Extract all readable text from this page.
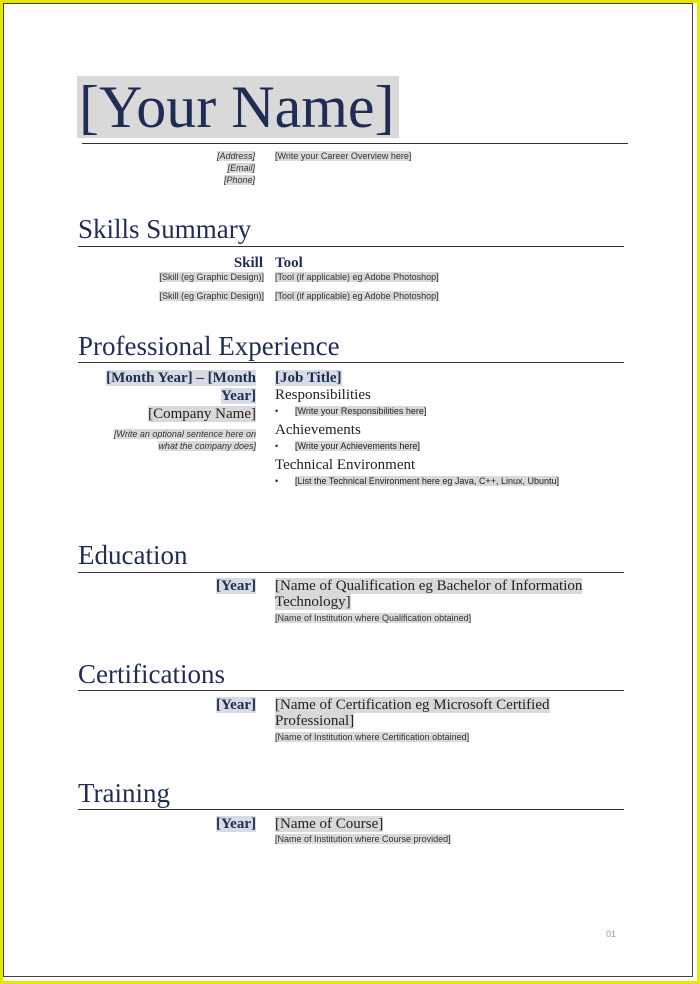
[Your Name]
[Address]
[Email]
[Phone]
[Write your Career Overview here]
Skills Summary
Skill Tool
[Skill (eg Graphic Design)] [Tool (if applicable) eg Adobe Photoshop]
[Skill (eg Graphic Design)] [Tool (if applicable) eg Adobe Photoshop]
Professional Experience
[Month Year] – [Month
Year]
[Company Name]
[Write an optional sentence here on
what the company does]
[Job Title]
Responsibilities
• [Write your Responsibilities here]
Achievements
• [Write your Achievements here]
Technical Environment
• [List the Technical Environment here eg Java, C++, Linux, Ubuntu]
Education
[Year] [Name of Qualification eg Bachelor of Information
Technology]
[Name of Institution where Qualification obtained]
Certifications
[Year] [Name of Certification eg Microsoft Certified
Professional]
[Name of Institution where Certification obtained]
Training
[Year] [Name of Course]
[Name of Institution where Course provided]
01
